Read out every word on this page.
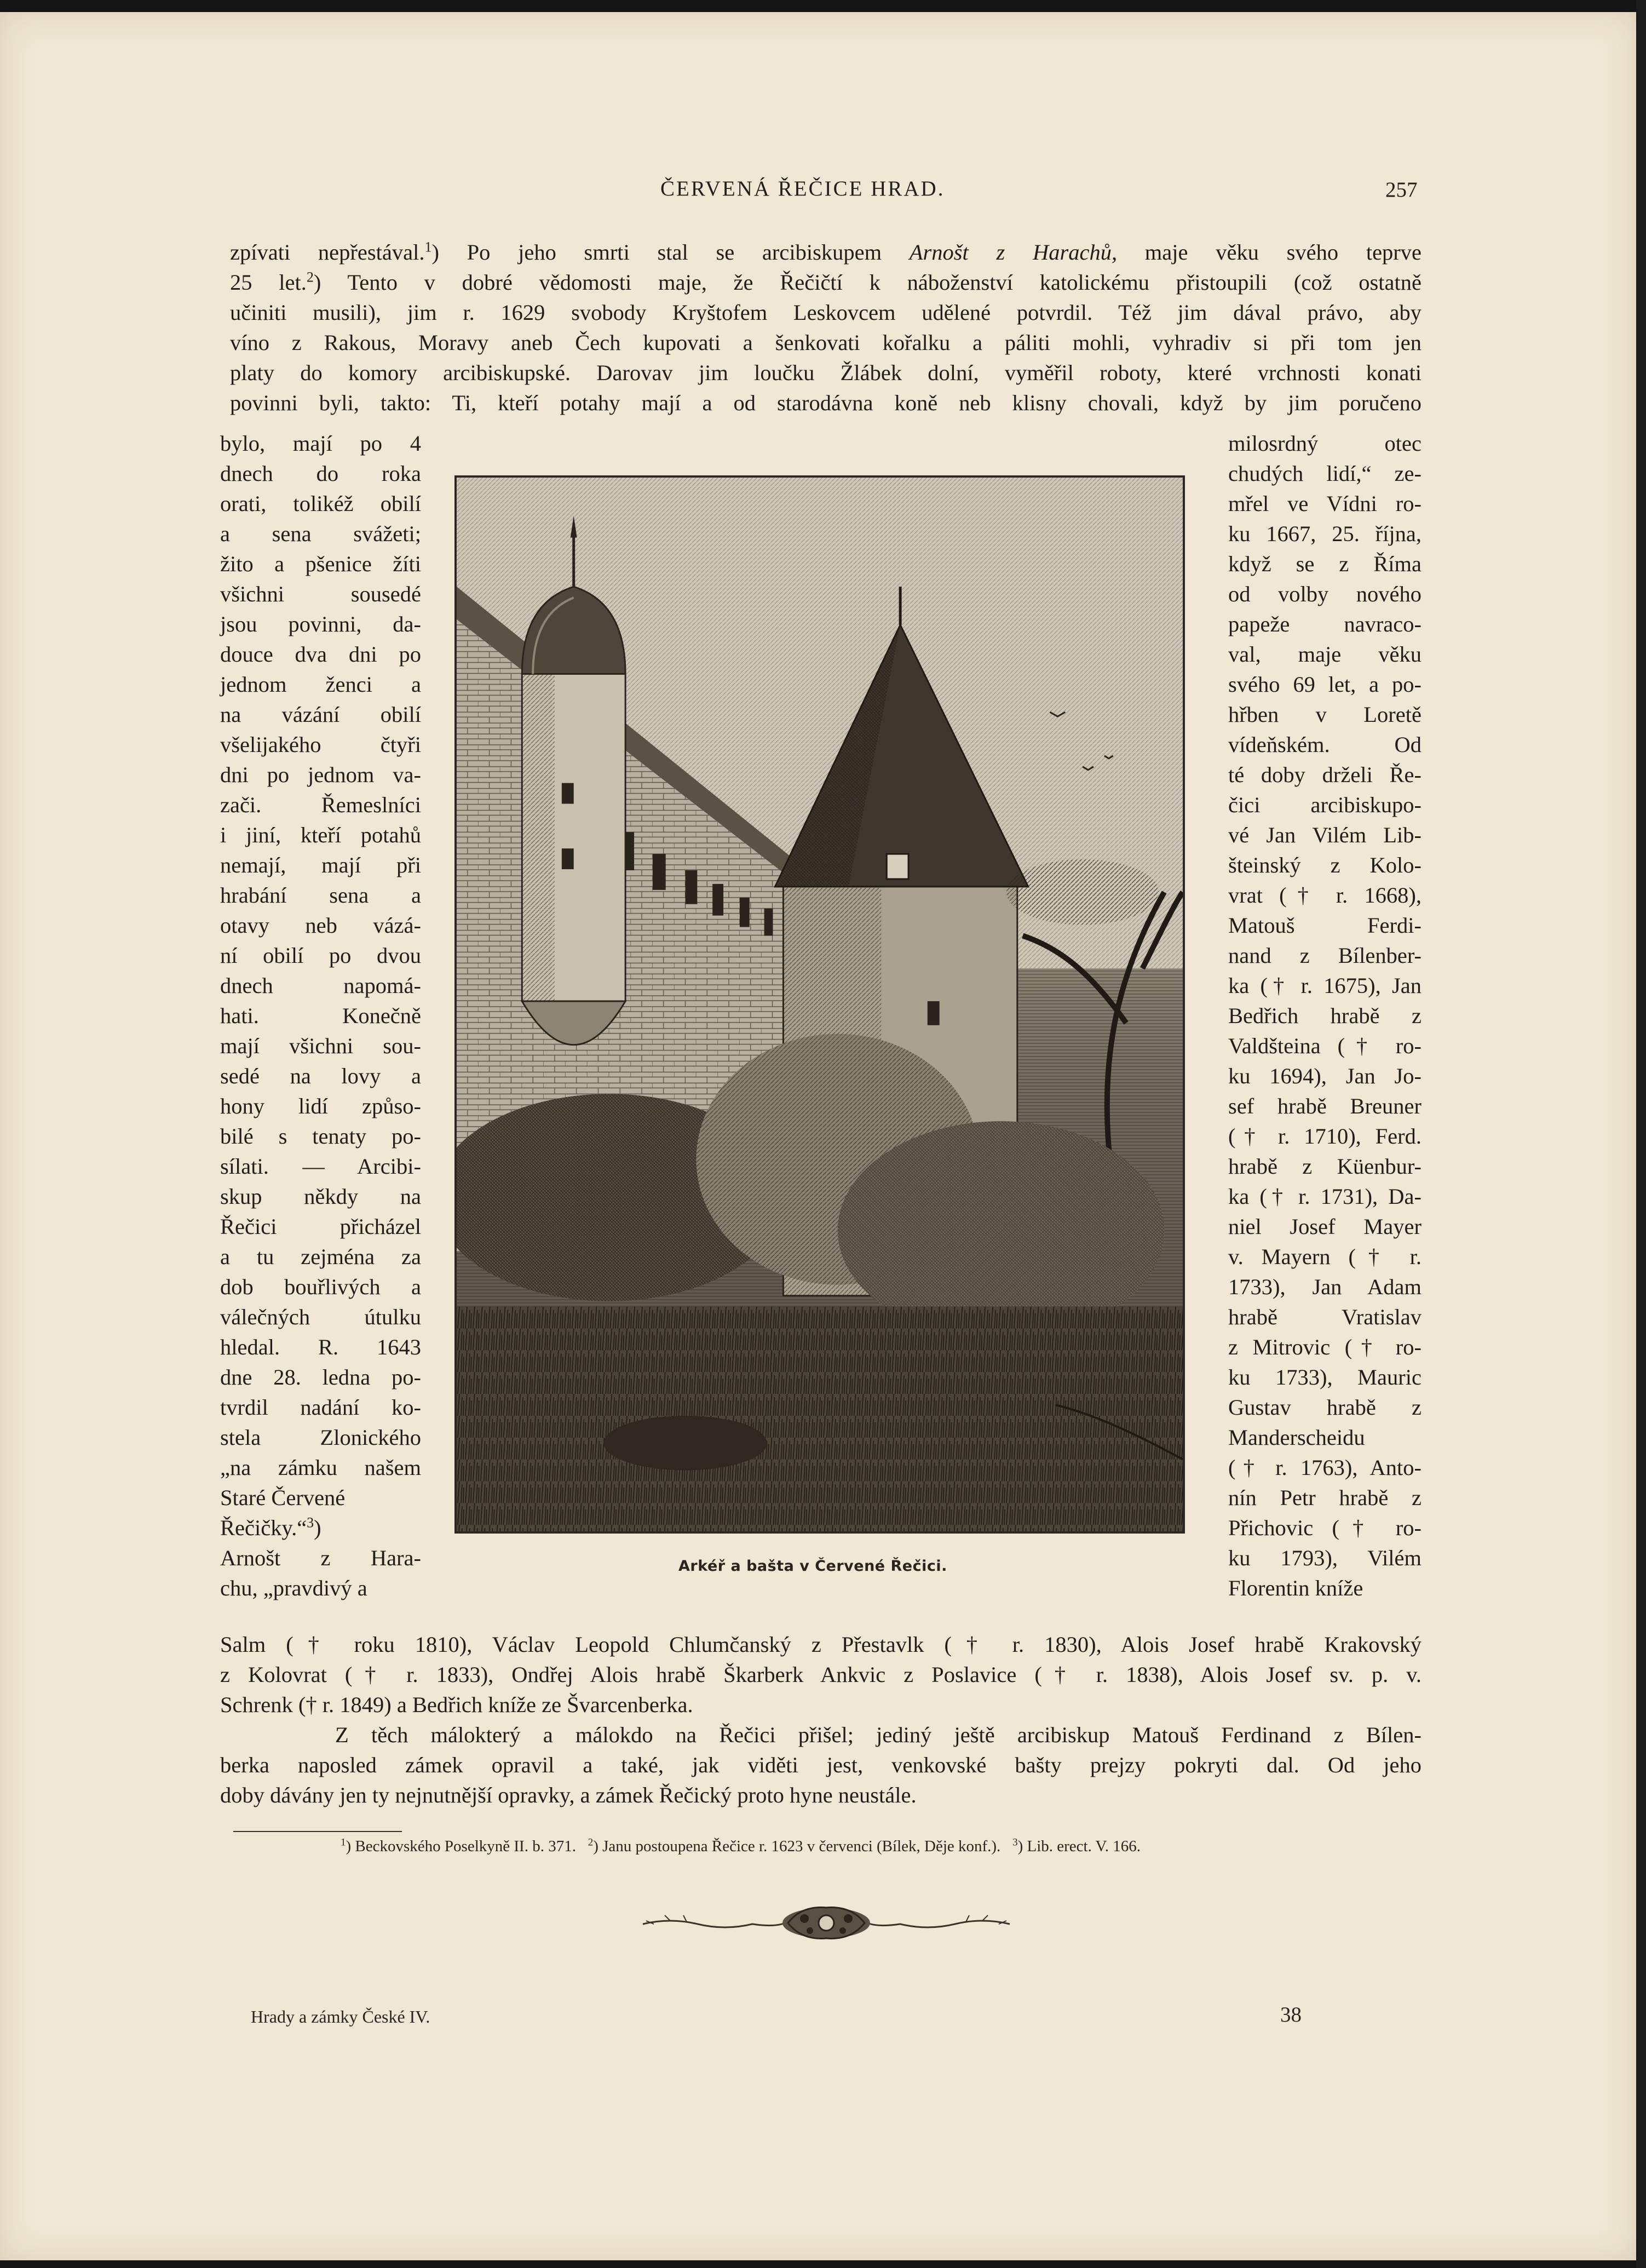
ČERVENÁ ŘEČICE HRAD.	257
zpívati nepřestával.$^1$) Po jeho smrti stal se arcibiskupem Arnošt z Harachů, maje věku svého teprve
25 let.$^2$) Tento v dobré vědomosti maje, že Řečičtí k náboženství katolickému přistoupili (což ostatně
učiniti musili), jim r. 1629 svobody Kryštofem Leskovcem udělené potvrdil. Též jim dával právo, aby
víno z Rakous, Moravy aneb Čech kupovati a šenkovati kořalku a páliti mohli, vyhradiv si při tom jen
platy do komory arcibiskupské. Darovav jim loučku Žlábek dolní, vyměřil roboty, které vrchnosti konati
povinni byli, takto: Ti, kteří potahy mají a od starodávna koně neb klisny chovali, když by jim poručeno
bylo, mají po 4
dnech do roka
orati, tolikéž obilí
a sena svážeti;
žito a pšenice žíti
všichni sousedé
jsou povinni, da-
douce dva dni po
jednom ženci a
na vázání obilí
všelijakého čtyři
dni po jednom va-
zači. Řemeslníci
i jiní, kteří potahů
nemají, mají při
hrabání sena a
otavy neb vázá-
ní obilí po dvou
dnech napomá-
hati. Konečně
mají všichni sou-
sedé na lovy a
hony lidí způso-
bilé s tenaty po-
sílati. — Arcibi-
skup někdy na
Řečici přicházel
a tu zejména za
dob bouřlivých a
válečných útulku
hledal. R. 1643
dne 28. ledna po-
tvrdil nadání ko-
stela Zlonického
„na zámku našem
Staré Červené
Řečičky.“$^3$)
Arnošt z Hara-
chu, „pravdivý a
milosrdný otec
chudých lidí,“ ze-
mřel ve Vídni ro-
ku 1667, 25. října,
když se z Říma
od volby nového
papeže navraco-
val, maje věku
svého 69 let, a po-
hřben v Loretě
vídeňském. Od
té doby drželi Ře-
čici arcibiskupo-
vé Jan Vilém Lib-
šteinský z Kolo-
vrat († r. 1668),
Matouš Ferdi-
nand z Bílenber-
ka († r. 1675), Jan
Bedřich hrabě z
Valdšteina († ro-
ku 1694), Jan Jo-
sef hrabě Breuner
(† r. 1710), Ferd.
hrabě z Küenbur-
ka († r. 1731), Da-
niel Josef Mayer
v. Mayern († r.
1733), Jan Adam
hrabě Vratislav
z Mitrovic († ro-
ku 1733), Mauric
Gustav hrabě z
Manderscheidu
(† r. 1763), Anto-
nín Petr hrabě z
Přichovic († ro-
ku 1793), Vilém
Florentin kníže
Arkéř a bašta v Červené Řečici.
Salm († roku 1810), Václav Leopold Chlumčanský z Přestavlk († r. 1830), Alois Josef hrabě Krakovský
z Kolovrat († r. 1833), Ondřej Alois hrabě Škarberk Ankvic z Poslavice († r. 1838), Alois Josef sv. p. v.
Schrenk († r. 1849) a Bedřich kníže ze Švarcenberka.
Z těch málokterý a málokdo na Řečici přišel; jediný ještě arcibiskup Matouš Ferdinand z Bílen-
berka naposled zámek opravil a také, jak viděti jest, venkovské bašty prejzy pokryti dal. Od jeho
doby dávány jen ty nejnutnější opravky, a zámek Řečický proto hyne neustále.
$^1$) Beckovského Poselkyně II. b. 371. $^2$) Janu postoupena Řečice r. 1623 v červenci (Bílek, Děje konf.). $^3$) Lib. erect. V. 166.
Hrady a zámky České IV.	38
